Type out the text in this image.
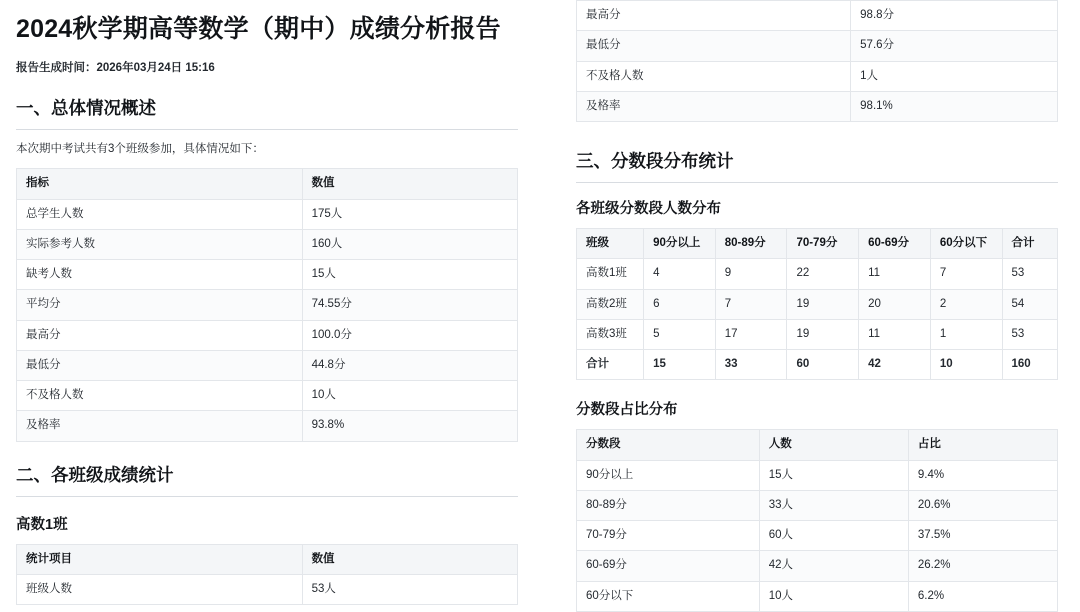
2024秋学期高等数学（期中）成绩分析报告
报告生成时间：2026年03月24日 15:16
一、总体情况概述

本次期中考试共有3个班级参加，具体情况如下：

指标	数值
总学生人数	175人
实际参考人数	160人
缺考人数	15人
平均分	74.55分
最高分	100.0分
最低分	44.8分
不及格人数	10人
及格率	93.8%
二、各班级成绩统计
高数1班
统计项目	数值
班级人数	53人
最高分	98.8分
最低分	57.6分
不及格人数	1人
及格率	98.1%
三、分数段分布统计
各班级分数段人数分布
班级	90分以上	80-89分	70-79分	60-69分	60分以下	合计
高数1班	4	9	22	11	7	53
高数2班	6	7	19	20	2	54
高数3班	5	17	19	11	1	53
合计	15	33	60	42	10	160
分数段占比分布
分数段	人数	占比
90分以上	15人	9.4%
80-89分	33人	20.6%
70-79分	60人	37.5%
60-69分	42人	26.2%
60分以下	10人	6.2%
